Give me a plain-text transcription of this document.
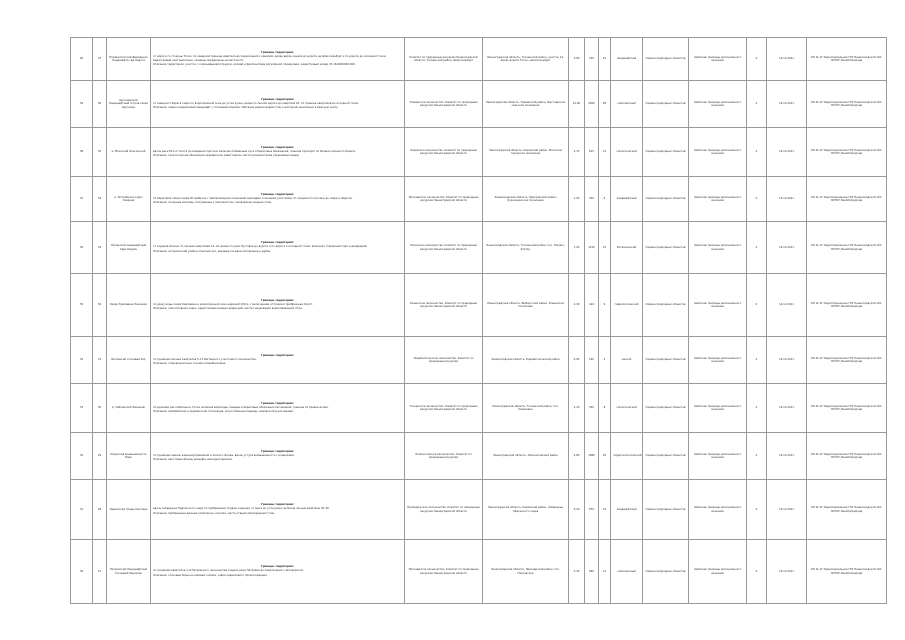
40	37	Полевоспасский Демиденко Ландшафта сад Ладога	Границы территории:
от дороги со стороны Тосно, по северной границе квартала до пересечения с каналом, далее вдоль канала до дороги на Шлиссельбург и по дороге до исходной точки. Кадастровый учёт выполнен, границы определены на местности.
Описание территории: участок с сохранившимся прудом, аллеей и фрагментами регулярной планировки; кадастровый номер 47:16:0000000:000.	Комитет по природным ресурсам Ленинградской области, Тосненский район, Шлиссельбург	Ленинградская область, Тосненский район, участок 12, вдоль дороги Тосно—Шлиссельбург	4,80	720	10	ландшафтная	Охрана природных объектов	памятник природы регионального значения	0	14.12.2011	ОП № 12 Территориальное ГКУ Ленинградской обл. ЛОГКУ Леноблприрода
39	36	Шугозерский Ландшафтный остров озера Шугозеро	Границы территории:
от северного берега озера по водоохранной зоне до устья ручья, далее по лесной дороге до квартала 45, по границе кварталов до исходной точки.
Описание: озёрно-ледниковый ландшафт с сосновыми борами; обитание редких видов птиц и растений, внесённых в Красную книгу.	Тихвинское лесничество, Комитет по природным ресурсам Ленинградской области	Ленинградская область, Тихвинский район, Шугозерское сельское поселение	12,00	2400	28	комплексный	Охрана природных объектов	памятник природы регионального значения	0	14.12.2011	ОП № 12 Территориальное ГКУ Ленинградской обл. ЛОГКУ Леноблприрода
38	35	р. Мгинский Ольгинский	Границы территории:
вдоль реки Мга от моста до впадения притока, включая пойменные луга и береговые обнажения; граница проходит по бровке коренного берега.
Описание: геологические обнажения ордовикских известняков, места произрастания охраняемых видов.	Кировское лесничество, Комитет по природным ресурсам Ленинградской области	Ленинградская область, Кировский район, Мгинское городское поселение	3,72	615	12	геологический	Охрана природных объектов	памятник природы регионального значения	0	14.12.2011	ОП № 12 Территориальное ГКУ Ленинградской обл. ЛОГКУ Леноблприрода
37	34	р. Ястребиное озеро Озерная	Границы территории:
по береговой линии озера Ястребиное с прилегающими скальными выходами и лесными участками; от кордона по просеке до озера и обратно.
Описание: скальные массивы, популярные у альпинистов, гнездование хищных птиц.	Приозерское лесничество, Комитет по природным ресурсам Ленинградской области	Ленинградская область, Приозерский район, Кузнечнинское поселение	1,50	300	6	ландшафтный	Охрана природных объектов	памятник природы регионального значения	0	14.12.2011	ОП № 12 Территориальное ГКУ Ленинградской обл. ЛОГКУ Леноблприрода
36	33	Лисинский ландшафтный парк Кордон	Границы территории:
от кордона Лисино по лесным кварталам 12–19, далее по реке Лустовке до дороги и по дороге к исходной точке; включает старинный парк и дендрарий.
Описание: исторический учебно-опытный лес, вековые посадки лиственниц и дубов.	Лисинское лесничество, Комитет по природным ресурсам Ленинградской области	Ленинградская область, Тосненский район, пос. Лисино-Корпус	7,20	1150	15	ботанический	Охрана природных объектов	памятник природы регионального значения	0	14.12.2011	ОП № 12 Территориальное ГКУ Ленинградской обл. ЛОГКУ Леноблприрода
35	32	Озеро Красавица Заказник	Границы территории:
по урезу воды озера Красавица и водоохранной зоне шириной 200 м, с включением островов и прибрежных болот.
Описание: олиготрофное озеро, нерестилища ценных видов рыб, места гнездования водоплавающих птиц.	Рощинское лесничество, Комитет по природным ресурсам Ленинградской области	Ленинградская область, Выборгский район, Рощинское поселение	2,30	410	9	гидрологический	Охрана природных объектов	памятник природы регионального значения	0	14.12.2011	ОП № 12 Территориальное ГКУ Ленинградской обл. ЛОГКУ Леноблприрода
34	31	Беглецкий сосновый бор	Границы территории:
по границам лесных кварталов 5–11 Беглецкого участкового лесничества.
Описание: старовозрастные сосняки лишайниковые.	Лодейнопольское лесничество, Комитет по природным ресурсам	Ленинградская область, Лодейнопольский район	0,95	190	4	лесной	Охрана природных объектов	памятник природы регионального значения	0	14.12.2011	ОП № 12 Территориальное ГКУ Ленинградской обл. ЛОГКУ Леноблприрода
33	30	р. Саблинский Заказник	Границы территории:
по долинам рек Саблинка и Тосна, включая водопады, пещеры и береговые обнажения песчаников; граница по бровке долин.
Описание: кембрийские и ордовикские отложения, искусственные пещеры, зимовки летучих мышей.	Тосненское лесничество, Комитет по природным ресурсам Ленинградской области	Ленинградская область, Тосненский район, пос. Ульяновка	2,10	350	8	геологический	Охрана природных объектов	памятник природы регионального значения	0	14.12.2011	ОП № 12 Территориальное ГКУ Ленинградской обл. ЛОГКУ Леноблприрода
32	29	Ижорская возвышенность Парк	Границы территории:
по границам земель карьероуправления и лесного фонда, вдоль уступа возвышенности с родниками.
Описание: карстовые формы рельефа, выходы родников.	Ломоносовское лесничество, Комитет по природным ресурсам	Ленинградская область, Ломоносовский район	5,60	1980	20	гидрогеологический	Охрана природных объектов	памятник природы регионального значения	0	14.12.2011	ОП № 12 Территориальное ГКУ Ленинградской обл. ЛОГКУ Леноблприрода
31	28	Ладожские Гряды Урочище	Границы территории:
вдоль побережья Ладожского озера по прибрежным грядам и дюнам, от мыса до устья реки; включая лесные кварталы 30–36.
Описание: прибрежные дюнные комплексы, сосняки, места отдыха мигрирующих птиц.	Приладожское лесничество, Комитет по природным ресурсам Ленинградской области	Ленинградская область, Кировский район, побережье Ладожского озера	4,10	870	14	ландшафтный	Охрана природных объектов	памятник природы регионального значения	0	14.12.2011	ОП № 12 Территориальное ГКУ Ленинградской обл. ЛОГКУ Леноблприрода
30	27	Петровский Ландшафтный Сосновый Заказник	Границы территории:
по границам кварталов 1–8 Петровского лесничества и вдоль реки Петровка до пересечения с автодорогой.
Описание: сосновые боры на камовых холмах, озёра ледникового происхождения.	Приозерское лесничество, Комитет по природным ресурсам Ленинградской области	Ленинградская область, Приозерский район, пос. Петровское	3,30	560	11	комплексный	Охрана природных объектов	памятник природы регионального значения	0	14.12.2011	ОП № 12 Территориальное ГКУ Ленинградской обл. ЛОГКУ Леноблприрода
